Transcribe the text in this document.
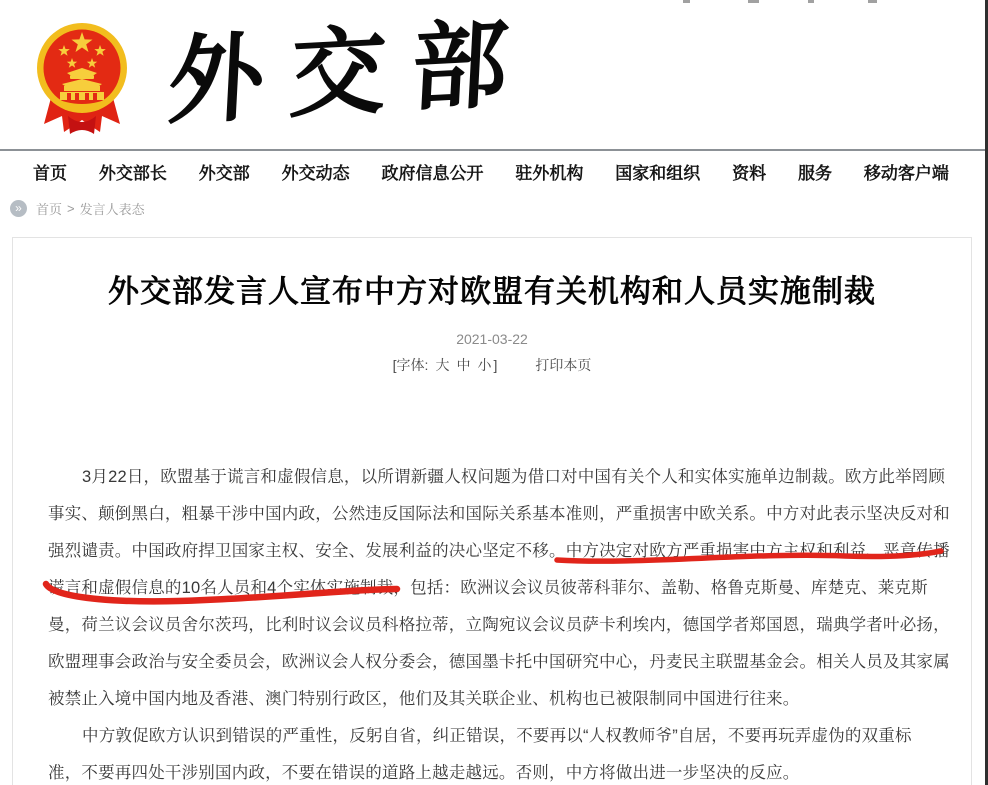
外交部
首页 外交部长 外交部 外交动态 政府信息公开 驻外机构 国家和组织 资料 服务 移动客户端
»	首页 > 发言人表态
外交部发言人宣布中方对欧盟有关机构和人员实施制裁
2021-03-22
[字体: 大 中 小 ]	打印本页
3月22日，欧盟基于谎言和虚假信息，以所谓新疆人权问题为借口对中国有关个人和实体实施单边制裁。欧方此举罔顾
事实、颠倒黑白，粗暴干涉中国内政，公然违反国际法和国际关系基本准则，严重损害中欧关系。中方对此表示坚决反对和
强烈谴责。中国政府捍卫国家主权、安全、发展利益的决心坚定不移。中方决定对欧方严重损害中方主权和利益、恶意传播
谎言和虚假信息的10名人员和4个实体实施制裁，包括：欧洲议会议员彼蒂科菲尔、盖勒、格鲁克斯曼、库楚克、莱克斯
曼，荷兰议会议员舍尔茨玛，比利时议会议员科格拉蒂，立陶宛议会议员萨卡利埃内，德国学者郑国恩，瑞典学者叶必扬，
欧盟理事会政治与安全委员会，欧洲议会人权分委会，德国墨卡托中国研究中心，丹麦民主联盟基金会。相关人员及其家属
被禁止入境中国内地及香港、澳门特别行政区，他们及其关联企业、机构也已被限制同中国进行往来。
中方敦促欧方认识到错误的严重性，反躬自省，纠正错误，不要再以“人权教师爷”自居，不要再玩弄虚伪的双重标
准，不要再四处干涉别国内政，不要在错误的道路上越走越远。否则，中方将做出进一步坚决的反应。
